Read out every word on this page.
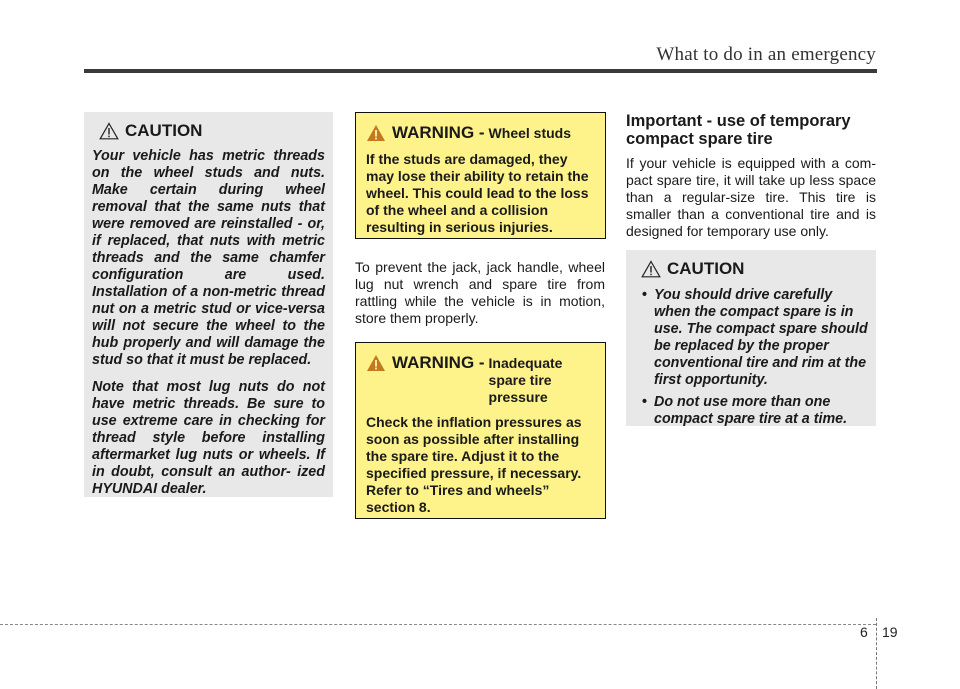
What to do in an emergency
CAUTION

Your vehicle has metric threads on the wheel studs and nuts. Make certain during wheel removal that the same nuts that were removed are reinstalled - or, if replaced, that nuts with metric threads and the same chamfer configuration are used. Installation of a non-metric thread nut on a metric stud or vice-versa will not secure the wheel to the hub properly and will damage the stud so that it must be replaced.

Note that most lug nuts do not have metric threads. Be sure to use extreme care in checking for thread style before installing aftermarket lug nuts or wheels. If in doubt, consult an author- ized HYUNDAI dealer.

WARNING - Wheel studs

If the studs are damaged, they may lose their ability to retain the wheel. This could lead to the loss of the wheel and a collision resulting in serious injuries.

To prevent the jack, jack handle, wheel lug nut wrench and spare tire from rattling while the vehicle is in motion, store them properly.

WARNING - Inadequate
spare tire
pressure

Check the inflation pressures as soon as possible after installing the spare tire. Adjust it to the specified pressure, if necessary. Refer to “Tires and wheels” section 8.

Important - use of temporary compact spare tire

If your vehicle is equipped with a com- pact spare tire, it will take up less space than a regular-size tire. This tire is smaller than a conventional tire and is designed for temporary use only.

CAUTION
• You should drive carefully when the compact spare is in use. The compact spare should be replaced by the proper conventional tire and rim at the first opportunity.
• Do not use more than one compact spare tire at a time.
6 19
